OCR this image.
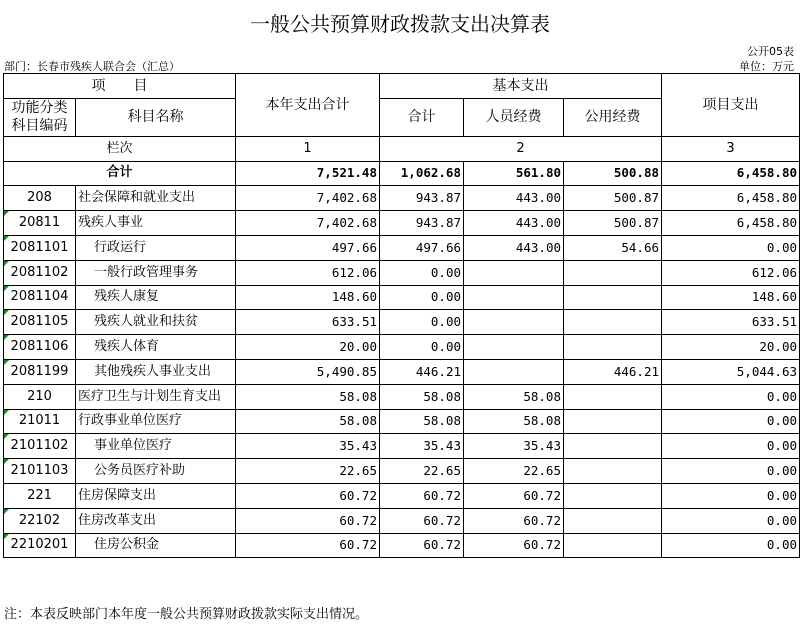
一般公共预算财政拨款支出决算表
公开05表
部门：长春市残疾人联合会（汇总）	单位：万元
项　　目		本年支出合计	基本支出			项目支出
功能分类
科目编码	科目名称					
			合计	人员经费	公用经费	
栏次		1	2			3
合计		7,521.48	1,062.68	561.80	500.88	6,458.80
208	社会保障和就业支出	7,402.68	943.87	443.00	500.87	6,458.80
20811	残疾人事业	7,402.68	943.87	443.00	500.87	6,458.80
2081101	行政运行	497.66	497.66	443.00	54.66	0.00
2081102	一般行政管理事务	612.06	0.00			612.06
2081104	残疾人康复	148.60	0.00			148.60
2081105	残疾人就业和扶贫	633.51	0.00			633.51
2081106	残疾人体育	20.00	0.00			20.00
2081199	其他残疾人事业支出	5,490.85	446.21		446.21	5,044.63
210	医疗卫生与计划生育支出	58.08	58.08	58.08		0.00
21011	行政事业单位医疗	58.08	58.08	58.08		0.00
2101102	事业单位医疗	35.43	35.43	35.43		0.00
2101103	公务员医疗补助	22.65	22.65	22.65		0.00
221	住房保障支出	60.72	60.72	60.72		0.00
22102	住房改革支出	60.72	60.72	60.72		0.00
2210201	住房公积金	60.72	60.72	60.72		0.00
注：本表反映部门本年度一般公共预算财政拨款实际支出情况。
